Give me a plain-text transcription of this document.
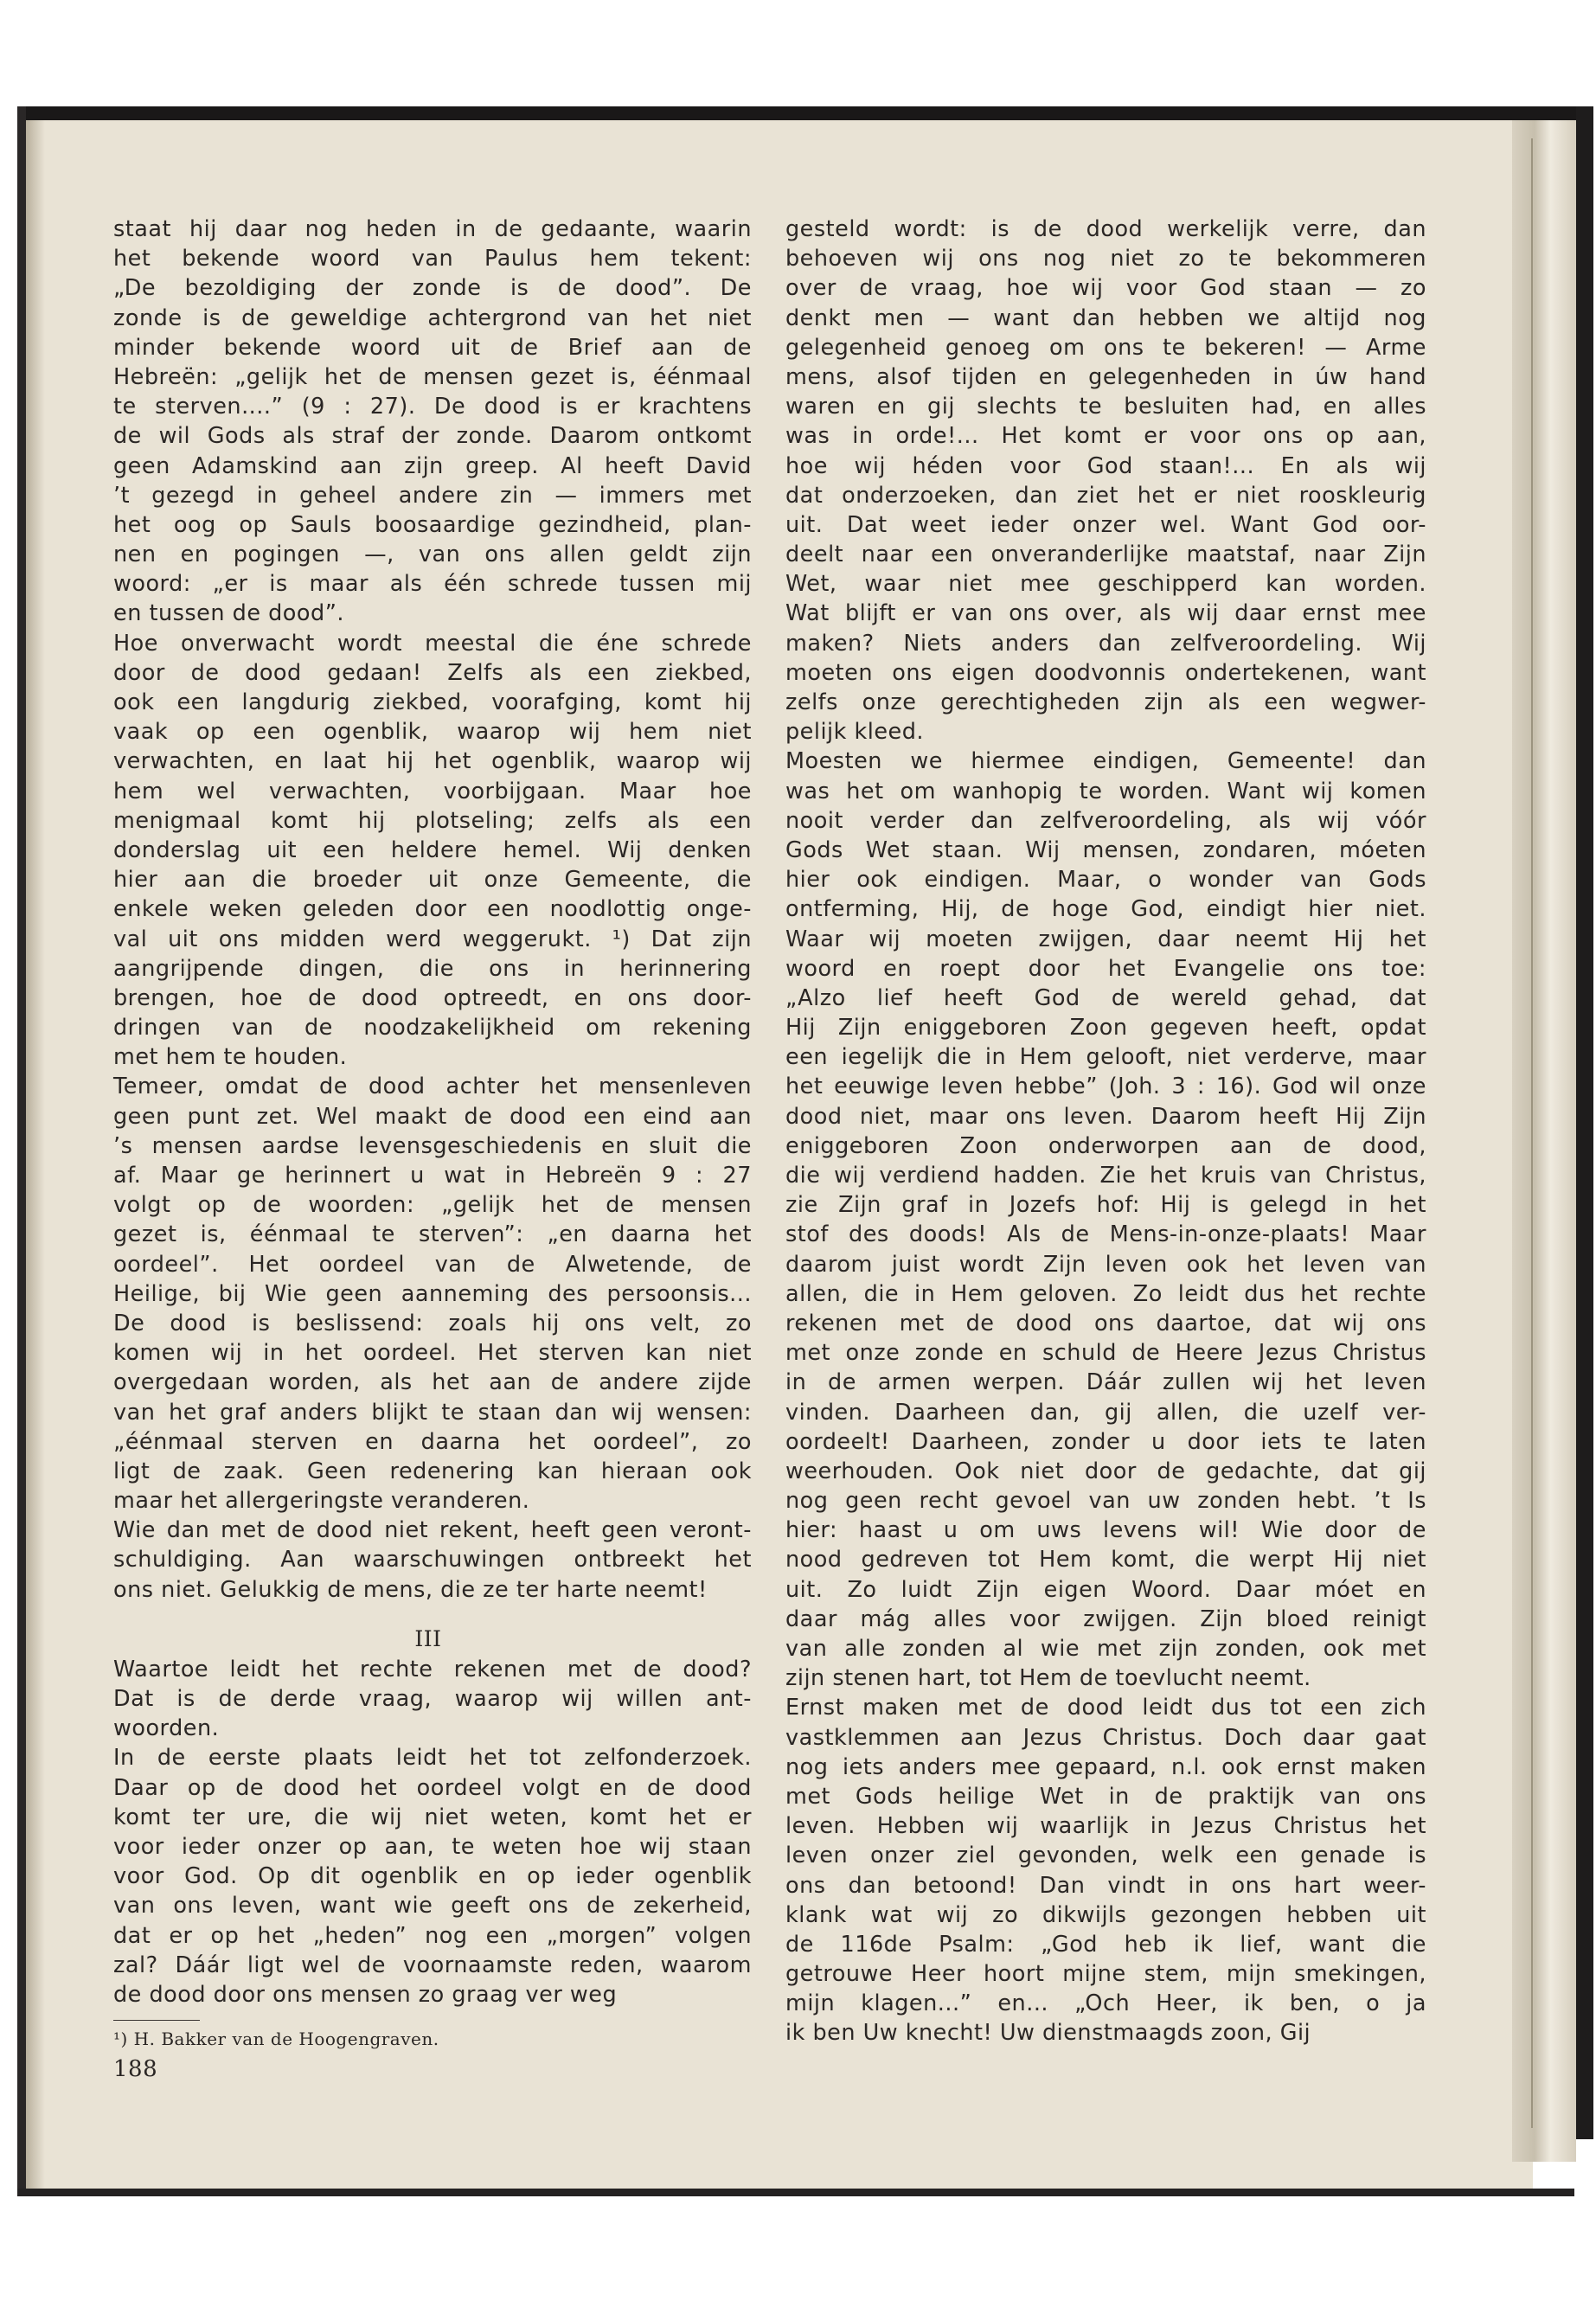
staat hij daar nog heden in de gedaante, waarin
het bekende woord van Paulus hem tekent:
„De bezoldiging der zonde is de dood”. De
zonde is de geweldige achtergrond van het niet
minder bekende woord uit de Brief aan de
Hebreën: „gelijk het de mensen gezet is, éénmaal
te sterven....” (9 : 27). De dood is er krachtens
de wil Gods als straf der zonde. Daarom ontkomt
geen Adamskind aan zijn greep. Al heeft David
’t gezegd in geheel andere zin — immers met
het oog op Sauls boosaardige gezindheid, plan-
nen en pogingen —, van ons allen geldt zijn
woord: „er is maar als één schrede tussen mij
en tussen de dood”.
Hoe onverwacht wordt meestal die éne schrede
door de dood gedaan! Zelfs als een ziekbed,
ook een langdurig ziekbed, voorafging, komt hij
vaak op een ogenblik, waarop wij hem niet
verwachten, en laat hij het ogenblik, waarop wij
hem wel verwachten, voorbijgaan. Maar hoe
menigmaal komt hij plotseling; zelfs als een
donderslag uit een heldere hemel. Wij denken
hier aan die broeder uit onze Gemeente, die
enkele weken geleden door een noodlottig onge-
val uit ons midden werd weggerukt. ¹) Dat zijn
aangrijpende dingen, die ons in herinnering
brengen, hoe de dood optreedt, en ons door-
dringen van de noodzakelijkheid om rekening
met hem te houden.
Temeer, omdat de dood achter het mensenleven
geen punt zet. Wel maakt de dood een eind aan
’s mensen aardse levensgeschiedenis en sluit die
af. Maar ge herinnert u wat in Hebreën 9 : 27
volgt op de woorden: „gelijk het de mensen
gezet is, éénmaal te sterven”: „en daarna het
oordeel”. Het oordeel van de Alwetende, de
Heilige, bij Wie geen aanneming des persoonsis...
De dood is beslissend: zoals hij ons velt, zo
komen wij in het oordeel. Het sterven kan niet
overgedaan worden, als het aan de andere zijde
van het graf anders blijkt te staan dan wij wensen:
„éénmaal sterven en daarna het oordeel”, zo
ligt de zaak. Geen redenering kan hieraan ook
maar het allergeringste veranderen.
Wie dan met de dood niet rekent, heeft geen veront-
schuldiging. Aan waarschuwingen ontbreekt het
ons niet. Gelukkig de mens, die ze ter harte neemt!
III
Waartoe leidt het rechte rekenen met de dood?
Dat is de derde vraag, waarop wij willen ant-
woorden.
In de eerste plaats leidt het tot zelfonderzoek.
Daar op de dood het oordeel volgt en de dood
komt ter ure, die wij niet weten, komt het er
voor ieder onzer op aan, te weten hoe wij staan
voor God. Op dit ogenblik en op ieder ogenblik
van ons leven, want wie geeft ons de zekerheid,
dat er op het „heden” nog een „morgen” volgen
zal? Dáár ligt wel de voornaamste reden, waarom
de dood door ons mensen zo graag ver weg
¹) H. Bakker van de Hoogengraven.
188
gesteld wordt: is de dood werkelijk verre, dan
behoeven wij ons nog niet zo te bekommeren
over de vraag, hoe wij voor God staan — zo
denkt men — want dan hebben we altijd nog
gelegenheid genoeg om ons te bekeren! — Arme
mens, alsof tijden en gelegenheden in úw hand
waren en gij slechts te besluiten had, en alles
was in orde!... Het komt er voor ons op aan,
hoe wij héden voor God staan!... En als wij
dat onderzoeken, dan ziet het er niet rooskleurig
uit. Dat weet ieder onzer wel. Want God oor-
deelt naar een onveranderlijke maatstaf, naar Zijn
Wet, waar niet mee geschipperd kan worden.
Wat blijft er van ons over, als wij daar ernst mee
maken? Niets anders dan zelfveroordeling. Wij
moeten ons eigen doodvonnis ondertekenen, want
zelfs onze gerechtigheden zijn als een wegwer-
pelijk kleed.
Moesten we hiermee eindigen, Gemeente! dan
was het om wanhopig te worden. Want wij komen
nooit verder dan zelfveroordeling, als wij vóór
Gods Wet staan. Wij mensen, zondaren, móeten
hier ook eindigen. Maar, o wonder van Gods
ontferming, Hij, de hoge God, eindigt hier niet.
Waar wij moeten zwijgen, daar neemt Hij het
woord en roept door het Evangelie ons toe:
„Alzo lief heeft God de wereld gehad, dat
Hij Zijn eniggeboren Zoon gegeven heeft, opdat
een iegelijk die in Hem gelooft, niet verderve, maar
het eeuwige leven hebbe” (Joh. 3 : 16). God wil onze
dood niet, maar ons leven. Daarom heeft Hij Zijn
eniggeboren Zoon onderworpen aan de dood,
die wij verdiend hadden. Zie het kruis van Christus,
zie Zijn graf in Jozefs hof: Hij is gelegd in het
stof des doods! Als de Mens-in-onze-plaats! Maar
daarom juist wordt Zijn leven ook het leven van
allen, die in Hem geloven. Zo leidt dus het rechte
rekenen met de dood ons daartoe, dat wij ons
met onze zonde en schuld de Heere Jezus Christus
in de armen werpen. Dáár zullen wij het leven
vinden. Daarheen dan, gij allen, die uzelf ver-
oordeelt! Daarheen, zonder u door iets te laten
weerhouden. Ook niet door de gedachte, dat gij
nog geen recht gevoel van uw zonden hebt. ’t Is
hier: haast u om uws levens wil! Wie door de
nood gedreven tot Hem komt, die werpt Hij niet
uit. Zo luidt Zijn eigen Woord. Daar móet en
daar mág alles voor zwijgen. Zijn bloed reinigt
van alle zonden al wie met zijn zonden, ook met
zijn stenen hart, tot Hem de toevlucht neemt.
Ernst maken met de dood leidt dus tot een zich
vastklemmen aan Jezus Christus. Doch daar gaat
nog iets anders mee gepaard, n.l. ook ernst maken
met Gods heilige Wet in de praktijk van ons
leven. Hebben wij waarlijk in Jezus Christus het
leven onzer ziel gevonden, welk een genade is
ons dan betoond! Dan vindt in ons hart weer-
klank wat wij zo dikwijls gezongen hebben uit
de 116de Psalm: „God heb ik lief, want die
getrouwe Heer hoort mijne stem, mijn smekingen,
mijn klagen...” en... „Och Heer, ik ben, o ja
ik ben Uw knecht! Uw dienstmaagds zoon, Gij
